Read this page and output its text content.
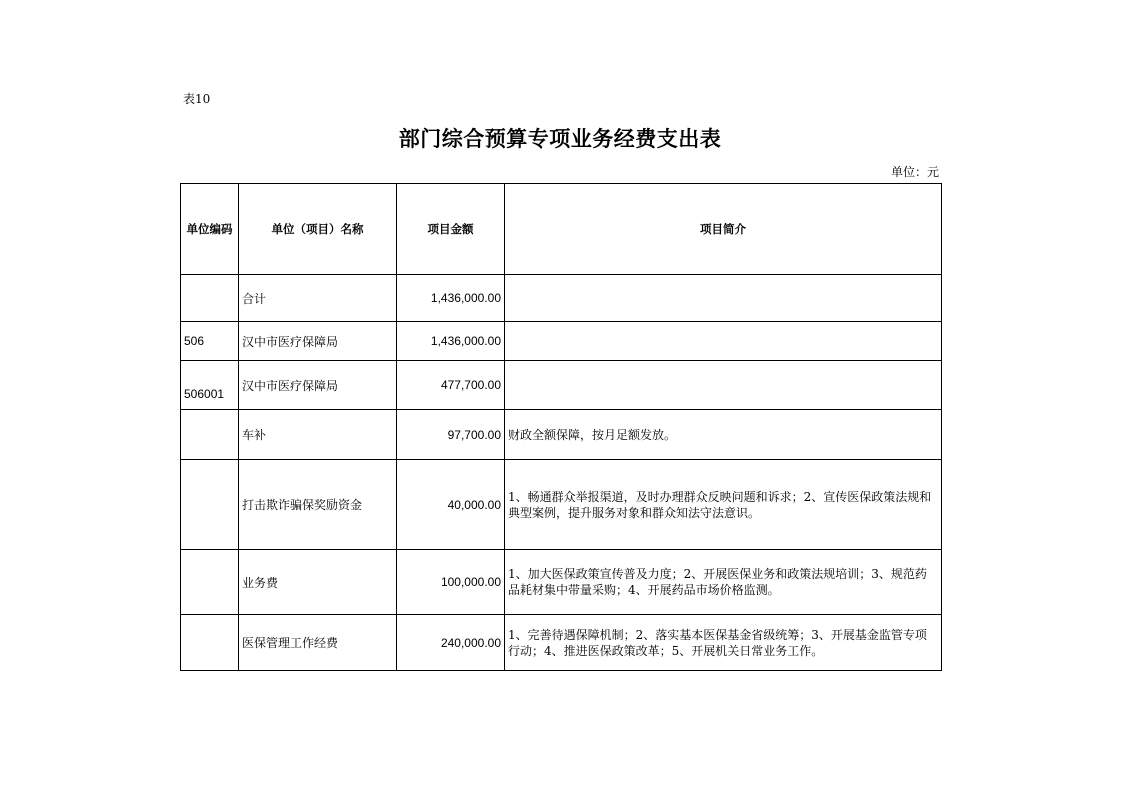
表10
部门综合预算专项业务经费支出表
单位：元
单位编码	单位（项目）名称	项目金额	项目简介
	合计	1,436,000.00	
506	汉中市医疗保障局	1,436,000.00	
506001	汉中市医疗保障局	477,700.00	
	车补	97,700.00	财政全额保障，按月足额发放。
	打击欺诈骗保奖励资金	40,000.00	1、畅通群众举报渠道，及时办理群众反映问题和诉求；2、宣传医保政策法规和典型案例，提升服务对象和群众知法守法意识。
	业务费	100,000.00	1、加大医保政策宣传普及力度；2、开展医保业务和政策法规培训；3、规范药品耗材集中带量采购；4、开展药品市场价格监测。
	医保管理工作经费	240,000.00	1、完善待遇保障机制；2、落实基本医保基金省级统筹；3、开展基金监管专项行动；4、推进医保政策改革；5、开展机关日常业务工作。
